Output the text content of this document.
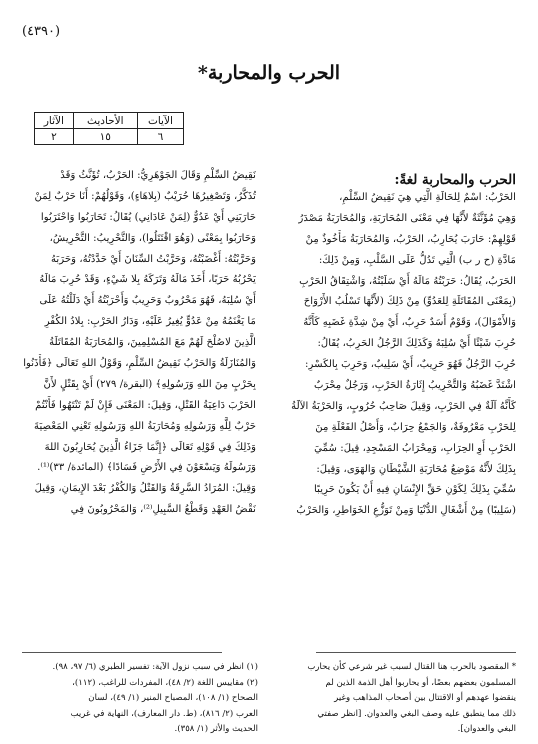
(٤٣٩٠)
الحرب والمحاربة*
الآيات	الأحاديث	الآثار
٦	١٥	٢
الحرب والمحاربة لغةً:
الحَرْبُ: اسْمٌ لِلحَالَةِ الَّتِي هِيَ نَقِيضُ السِّلْمِ،
وَهِيَ مُؤَنَّثَةٌ لأَنَّهَا فِي مَعْنَى المُحَارَبَةِ، وَالمُحَارَبَةُ مَصْدَرُ
قَوْلِهِمْ: حَارَبَ يُحَارِبُ، الحَرْبُ، وَالمُحَارَبَةُ مَأْخُوذٌ مِنْ
مَادَّةِ (ح ر ب) الَّتِي تَدُلُّ عَلَى السَّلْبِ، وَمِنْ ذَلِكَ:
الحَرَبُ، يُقَالُ: حَرَبْتُهُ مَالَهُ أَيْ سَلَبْتُهُ، وَاشْتِقَاقُ الحَرْبِ
(بِمَعْنَى المُقَاتَلَةِ لِلعَدُوِّ) مِنْ ذَلِكَ (لأَنَّهَا تَسْلُبُ الأَرْوَاحَ
وَالأَمْوَالَ)، وَقَوْمٌ أَسَدٌ حَرِبٌ، أَيْ مِنْ شِدَّةِ غَضَبِهِ كَأَنَّهُ
حُرِبَ شَيْئًا أَيْ سُلِبَهُ وَكَذَلِكَ الرَّجُلُ الحَرِبُ، يُقَالُ:
حُرِبَ الرَّجُلُ فَهُوَ حَرِيبٌ، أَيْ سَلِيبٌ، وَحَرِبَ بِالكَسْرِ:
اشْتَدَّ غَضَبُهُ وَالتَّحْرِيبُ إِثَارَةُ الحَرْبِ، وَرَجُلٌ مِحْرَبٌ
كَأَنَّهُ آلَةٌ فِي الحَرْبِ، وَقِيلَ صَاحِبُ حُرُوبٍ، وَالحَرْبَةُ الآلَةُ
لِلحَرْبِ مَعْرُوفَةٌ، وَالجَمْعُ حِرَابٌ، وَأَصْلُ الفَعْلَةِ مِنَ
الحَرْبِ أَوِ الحِرَابِ، وَمِحْرَابُ المَسْجِدِ، قِيلَ: سُمِّيَ
بِذَلِكَ لأَنَّهُ مَوْضِعُ مُحَارَبَةِ الشَّيْطَانِ وَالهَوَى، وَقِيلَ:
سُمِّيَ بِذَلِكَ لِكَوْنِ حَقِّ الإِنْسَانِ فِيهِ أَنْ يَكُونَ حَرِيبًا
(سَلِيبًا) مِنْ أَشْغَالِ الدُّنْيَا وَمِنْ تَوَزُّعِ الخَوَاطِرِ، وَالحَرْبُ
نَقِيضُ السِّلْمِ وَقَالَ الجَوْهَرِيُّ: الحَرْبُ، تُؤَنَّثُ وَقَدْ
تُذَكَّرُ، وَتَصْغِيرُهَا حُرَيْبٌ (بِلاهَاءٍ)، وَقَوْلُهُمْ: أَنَا حَرْبٌ لِمَنْ
حَارَبَنِي أَيْ عَدُوٌّ (لِمَنْ عَادَانِي) يُقَالُ: تَحَارَبُوا وَاحْتَرَبُوا
وَحَارَبُوا بِمَعْنًى (وَهُوَ اقْتَتَلُوا)، وَالتَّحْرِيبُ: التَّحْرِيشُ،
وَحَرَّبْتُهُ: أَغْضَبْتُهُ، وَحَرَّبْتُ السِّنَانَ أَيْ حَدَّدْتُهُ، وَحَرَبَهُ
يَحْرُبُهُ حَرَبًا، أَخَذَ مَالَهُ وَتَرَكَهُ بِلا شَيْءٍ، وَقَدْ حُرِبَ مَالَهُ
أَيْ سُلِبَهُ، فَهُوَ مَحْرُوبٌ وَحَرِيبٌ وَأَحْرَبْتُهُ أَيْ دَلَلْتُهُ عَلَى
مَا يَغْنَمُهُ مِنْ عَدُوٍّ يُغِيرُ عَلَيْهِ، وَدَارُ الحَرْبِ: بِلادُ الكُفْرِ
الَّذِينَ لاصُلْحَ لَهُمْ مَعَ المُسْلِمِينَ، وَالمُحَارَبَةُ المُقَاتَلَةُ
وَالمُنَازَلَةُ وَالحَرْبُ نَقِيضُ السِّلْمِ، وَقَوْلُ اللهِ تَعَالَى ﴿فَأْذَنُوا
بِحَرْبٍ مِنَ اللهِ وَرَسُولِهِ﴾ (البقرة/ ٢٧٩) أَيْ بِقَتْلٍ لأَنَّ
الحَرْبَ دَاعِيَةُ القَتْلِ، وَقِيلَ: المَعْنَى فَإِنْ لَمْ تَنْتَهُوا فَأَنْتُمْ
حَرْبٌ لِلَّهِ وَرَسُولِهِ وَمُحَارَبَةُ اللهِ وَرَسُولِهِ تَعْنِي المَعْصِيَةَ
وَذَلِكَ فِي قَوْلِهِ تَعَالَى ﴿إِنَّمَا جَزَاءُ الَّذِينَ يُحَارِبُونَ اللهَ
وَرَسُولَهُ وَيَسْعَوْنَ فِي الأَرْضِ فَسَادًا﴾ (المائدة/ ٣٣)⁽¹⁾.
وَقِيلَ: المُرَادُ السَّرِقَةُ وَالقَتْلُ وَالكُفْرُ بَعْدَ الإِيمَانِ، وَقِيلَ
نَقْضُ العَهْدِ وَقَطْعُ السَّبِيلِ⁽²⁾، وَالمَحْرُوبُونَ فِي
* المقصود بالحرب هنا القتال لسبب غير شرعي كأن يحارب
المسلمون بعضهم بعضًا، أو يحاربوا أهل الذمة الذين لم
ينقضوا عهدهم أو الاقتتال بين أصحاب المذاهب وغير
ذلك مما ينطبق عليه وصف البغي والعدوان. [انظر صفتي
البغي والعدوان].
(١) انظر في سبب نزول الآية: تفسير الطبري (٦/ ٩٧، ٩٨).
(٢) مقاييس اللغة (٢/ ٤٨)، المفردات للراغب، (١١٢)،
الصحاح (١/ ١٠٨)، المصباح المنير (١/ ٤٩)، لسان
العرب (٢/ ٨١٦)، (ط. دار المعارف)، النهاية في غريب
الحديث والأثر (١/ ٣٥٨).
